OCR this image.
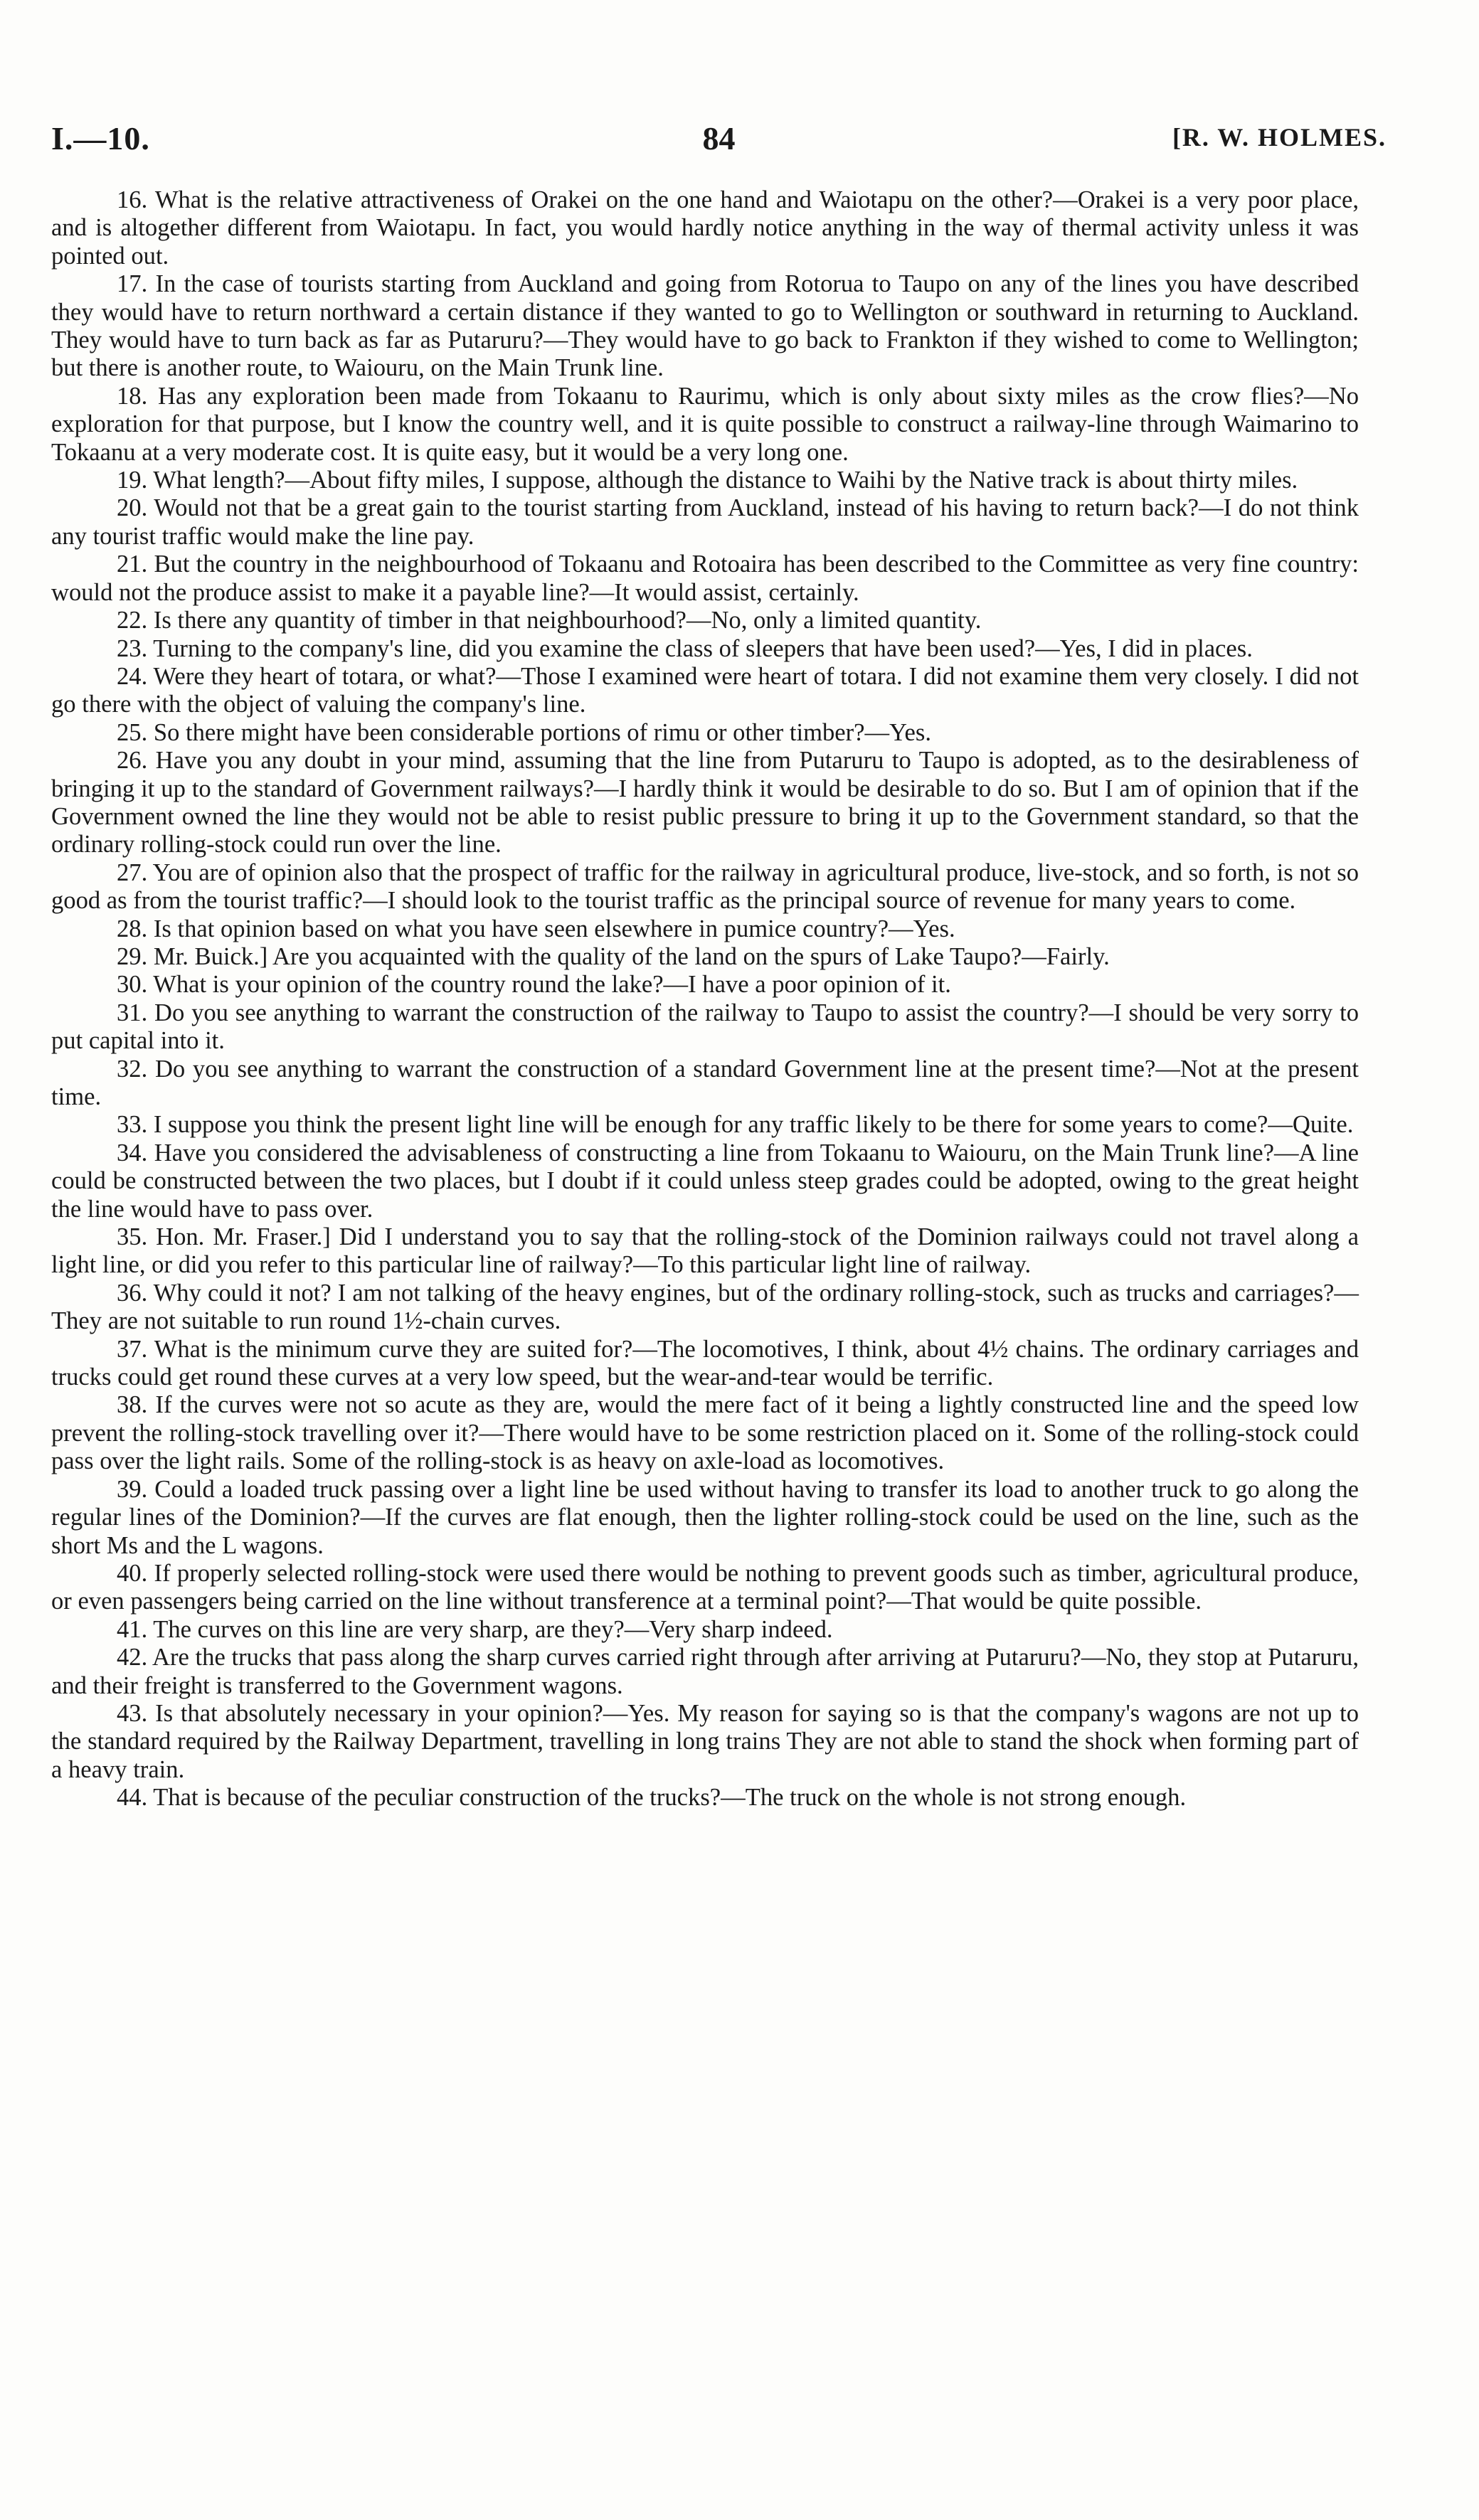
I.—10.	84	[R. W. HOLMES.

16. What is the relative attractiveness of Orakei on the one hand and Waiotapu on the other?—Orakei is a very poor place, and is altogether different from Waiotapu. In fact, you would hardly notice anything in the way of thermal activity unless it was pointed out.

17. In the case of tourists starting from Auckland and going from Rotorua to Taupo on any of the lines you have described they would have to return northward a certain distance if they wanted to go to Wellington or southward in returning to Auckland. They would have to turn back as far as Putaruru?—They would have to go back to Frankton if they wished to come to Wellington; but there is another route, to Waiouru, on the Main Trunk line.

18. Has any exploration been made from Tokaanu to Raurimu, which is only about sixty miles as the crow flies?—No exploration for that purpose, but I know the country well, and it is quite possible to construct a railway-line through Waimarino to Tokaanu at a very moderate cost. It is quite easy, but it would be a very long one.

19. What length?—About fifty miles, I suppose, although the distance to Waihi by the Native track is about thirty miles.

20. Would not that be a great gain to the tourist starting from Auckland, instead of his having to return back?—I do not think any tourist traffic would make the line pay.

21. But the country in the neighbourhood of Tokaanu and Rotoaira has been described to the Committee as very fine country: would not the produce assist to make it a payable line?—It would assist, certainly.

22. Is there any quantity of timber in that neighbourhood?—No, only a limited quantity.

23. Turning to the company's line, did you examine the class of sleepers that have been used?—Yes, I did in places.

24. Were they heart of totara, or what?—Those I examined were heart of totara. I did not examine them very closely. I did not go there with the object of valuing the company's line.

25. So there might have been considerable portions of rimu or other timber?—Yes.

26. Have you any doubt in your mind, assuming that the line from Putaruru to Taupo is adopted, as to the desirableness of bringing it up to the standard of Government railways?—I hardly think it would be desirable to do so. But I am of opinion that if the Government owned the line they would not be able to resist public pressure to bring it up to the Government standard, so that the ordinary rolling-stock could run over the line.

27. You are of opinion also that the prospect of traffic for the railway in agricultural produce, live-stock, and so forth, is not so good as from the tourist traffic?—I should look to the tourist traffic as the principal source of revenue for many years to come.

28. Is that opinion based on what you have seen elsewhere in pumice country?—Yes.

29. Mr. Buick.] Are you acquainted with the quality of the land on the spurs of Lake Taupo?—Fairly.

30. What is your opinion of the country round the lake?—I have a poor opinion of it.

31. Do you see anything to warrant the construction of the railway to Taupo to assist the country?—I should be very sorry to put capital into it.

32. Do you see anything to warrant the construction of a standard Government line at the present time?—Not at the present time.

33. I suppose you think the present light line will be enough for any traffic likely to be there for some years to come?—Quite.

34. Have you considered the advisableness of constructing a line from Tokaanu to Waiouru, on the Main Trunk line?—A line could be constructed between the two places, but I doubt if it could unless steep grades could be adopted, owing to the great height the line would have to pass over.

35. Hon. Mr. Fraser.] Did I understand you to say that the rolling-stock of the Dominion railways could not travel along a light line, or did you refer to this particular line of railway?—To this particular light line of railway.

36. Why could it not? I am not talking of the heavy engines, but of the ordinary rolling-stock, such as trucks and carriages?—They are not suitable to run round 1½-chain curves.

37. What is the minimum curve they are suited for?—The locomotives, I think, about 4½ chains. The ordinary carriages and trucks could get round these curves at a very low speed, but the wear-and-tear would be terrific.

38. If the curves were not so acute as they are, would the mere fact of it being a lightly constructed line and the speed low prevent the rolling-stock travelling over it?—There would have to be some restriction placed on it. Some of the rolling-stock could pass over the light rails. Some of the rolling-stock is as heavy on axle-load as locomotives.

39. Could a loaded truck passing over a light line be used without having to transfer its load to another truck to go along the regular lines of the Dominion?—If the curves are flat enough, then the lighter rolling-stock could be used on the line, such as the short Ms and the L wagons.

40. If properly selected rolling-stock were used there would be nothing to prevent goods such as timber, agricultural produce, or even passengers being carried on the line without transference at a terminal point?—That would be quite possible.

41. The curves on this line are very sharp, are they?—Very sharp indeed.

42. Are the trucks that pass along the sharp curves carried right through after arriving at Putaruru?—No, they stop at Putaruru, and their freight is transferred to the Government wagons.

43. Is that absolutely necessary in your opinion?—Yes. My reason for saying so is that the company's wagons are not up to the standard required by the Railway Department, travelling in long trains They are not able to stand the shock when forming part of a heavy train.

44. That is because of the peculiar construction of the trucks?—The truck on the whole is not strong enough.
